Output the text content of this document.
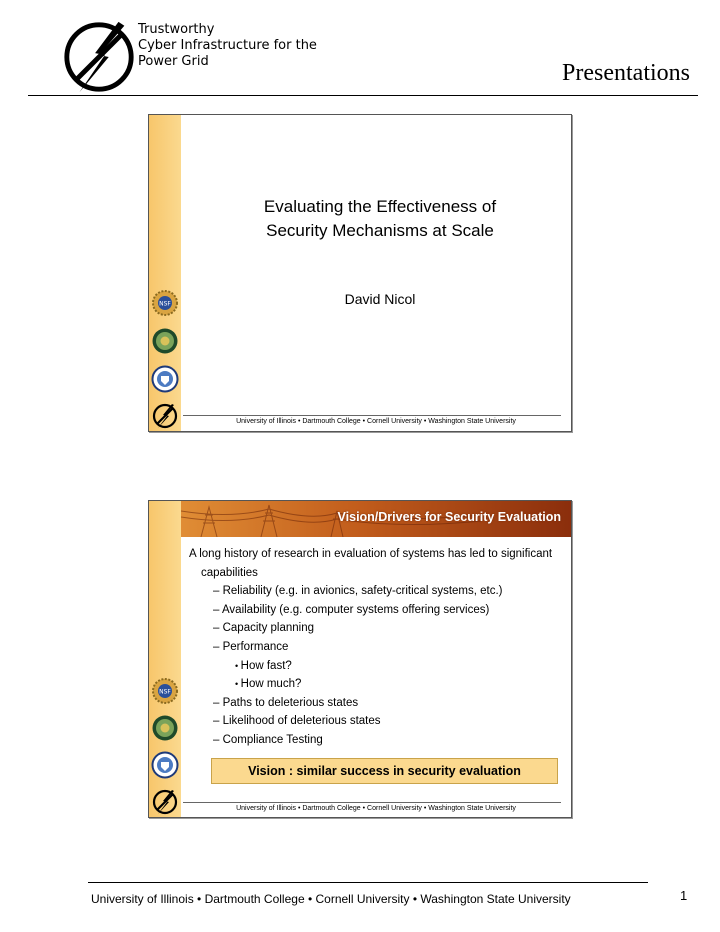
Trustworthy
Cyber Infrastructure for the
Power Grid	Presentations
NSF
Evaluating the Effectiveness of
Security Mechanisms at Scale
David Nicol
University of Illinois • Dartmouth College • Cornell University • Washington State University
NSF
Vision/Drivers for Security Evaluation
A long history of research in evaluation of systems has led to significant capabilities
– Reliability (e.g. in avionics, safety-critical systems, etc.)
– Availability (e.g. computer systems offering services)
– Capacity planning
– Performance
• How fast?
• How much?
– Paths to deleterious states
– Likelihood of deleterious states
– Compliance Testing
Vision : similar success in security evaluation
University of Illinois • Dartmouth College • Cornell University • Washington State University
University of Illinois • Dartmouth College • Cornell University • Washington State University	1
